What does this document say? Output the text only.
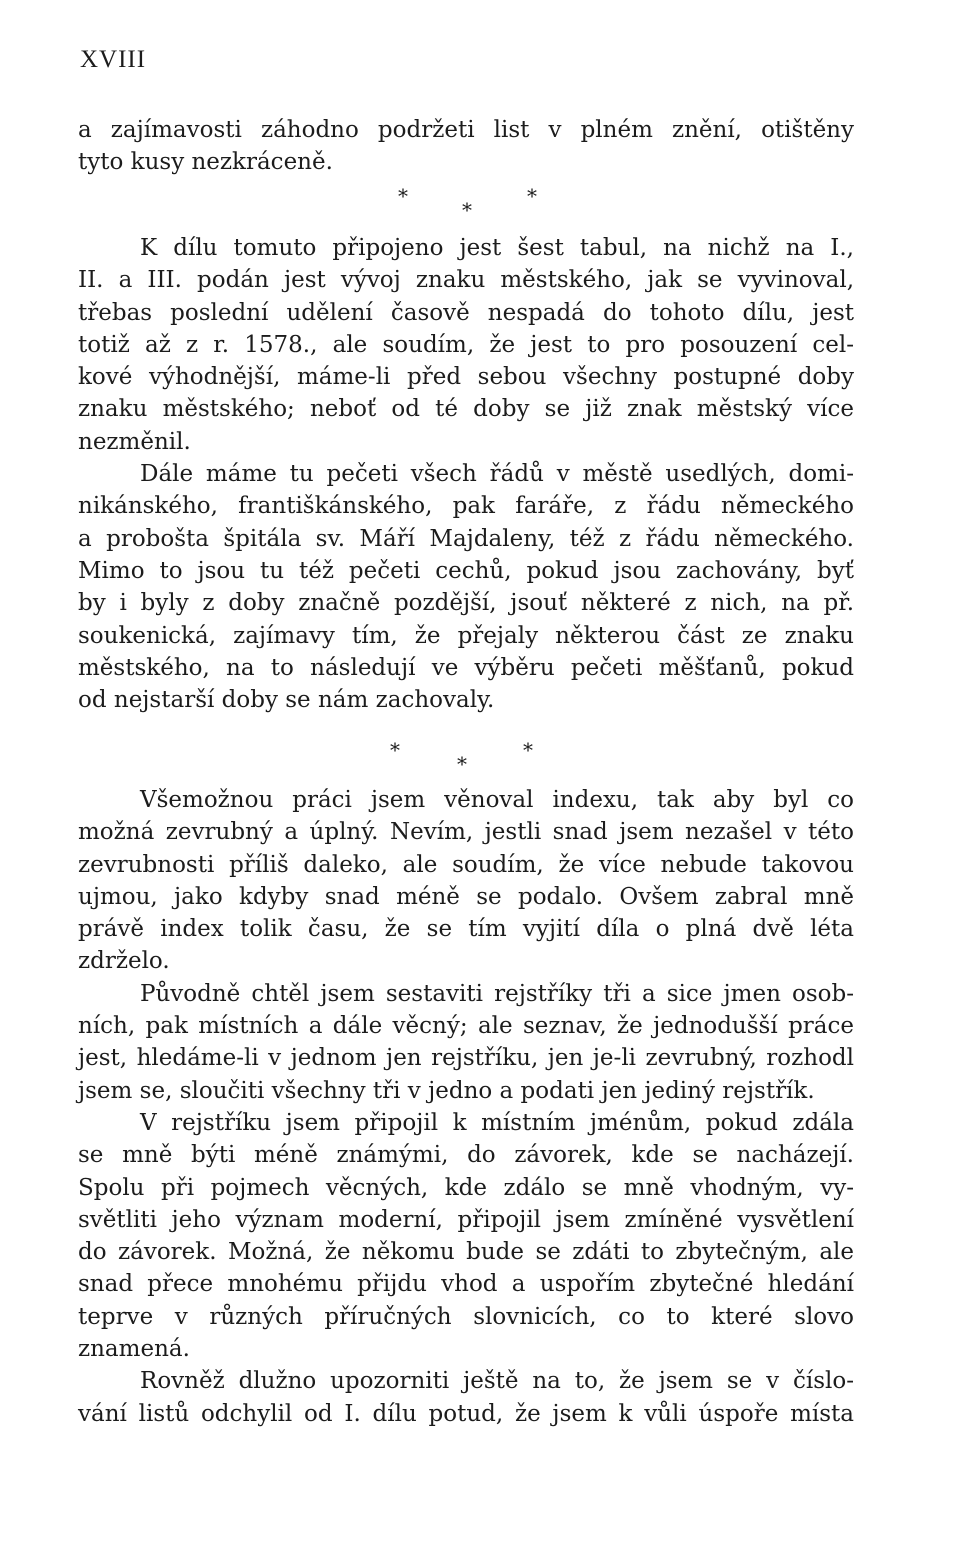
XVIII
a zajímavosti záhodno podržeti list v plném znění, otištěny
tyto kusy nezkráceně.
*	*
*
K dílu tomuto připojeno jest šest tabul, na nichž na I.,
II. a III. podán jest vývoj znaku městského, jak se vyvinoval,
třebas poslední udělení časově nespadá do tohoto dílu, jest
totiž až z r. 1578., ale soudím, že jest to pro posouzení cel-
kové výhodnější, máme-li před sebou všechny postupné doby
znaku městského; neboť od té doby se již znak městský více
nezměnil.
Dále máme tu pečeti všech řádů v městě usedlých, domi-
nikánského, františkánského, pak faráře, z řádu německého
a probošta špitála sv. Máří Majdaleny, též z řádu německého.
Mimo to jsou tu též pečeti cechů, pokud jsou zachovány, byť
by i byly z doby značně pozdější, jsouť některé z nich, na př.
soukenická, zajímavy tím, že přejaly některou část ze znaku
městského, na to následují ve výběru pečeti měšťanů, pokud
od nejstarší doby se nám zachovaly.
*	*
*
Všemožnou práci jsem věnoval indexu, tak aby byl co
možná zevrubný a úplný. Nevím, jestli snad jsem nezašel v této
zevrubnosti příliš daleko, ale soudím, že více nebude takovou
ujmou, jako kdyby snad méně se podalo. Ovšem zabral mně
právě index tolik času, že se tím vyjití díla o plná dvě léta
zdrželo.
Původně chtěl jsem sestaviti rejstříky tři a sice jmen osob-
ních, pak místních a dále věcný; ale seznav, že jednodušší práce
jest, hledáme-li v jednom jen rejstříku, jen je-li zevrubný, rozhodl
jsem se, sloučiti všechny tři v jedno a podati jen jediný rejstřík.
V rejstříku jsem připojil k místním jménům, pokud zdála
se mně býti méně známými, do závorek, kde se nacházejí.
Spolu při pojmech věcných, kde zdálo se mně vhodným, vy-
světliti jeho význam moderní, připojil jsem zmíněné vysvětlení
do závorek. Možná, že někomu bude se zdáti to zbytečným, ale
snad přece mnohému přijdu vhod a uspořím zbytečné hledání
teprve v různých příručných slovnicích, co to které slovo
znamená.
Rovněž dlužno upozorniti ještě na to, že jsem se v číslo-
vání listů odchylil od I. dílu potud, že jsem k vůli úspoře místa
